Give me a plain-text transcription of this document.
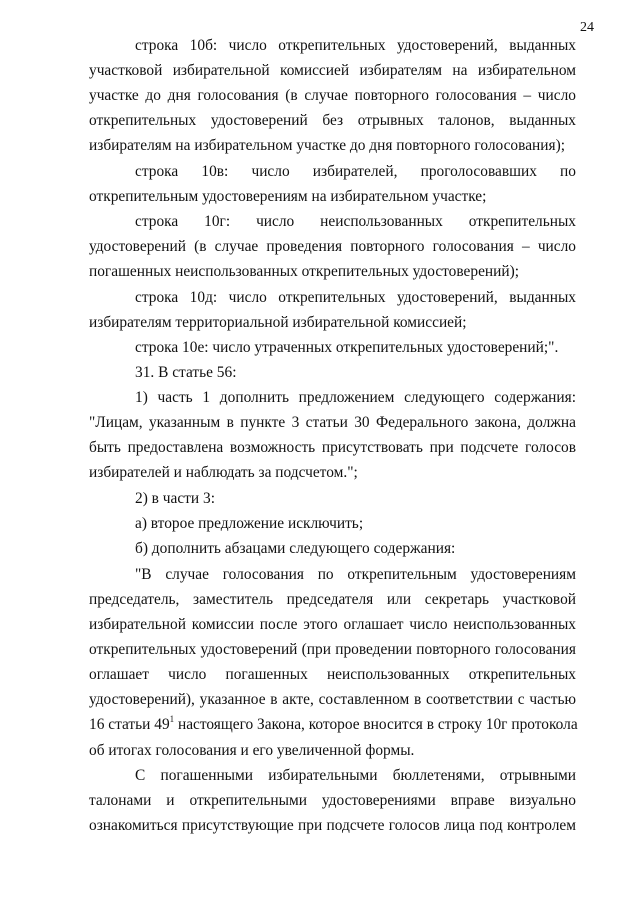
24
строка 10б: число открепительных удостоверений, выданных
участковой избирательной комиссией избирателям на избирательном
участке до дня голосования (в случае повторного голосования – число
открепительных удостоверений без отрывных талонов, выданных
избирателям на избирательном участке до дня повторного голосования);
строка 10в: число избирателей, проголосовавших по
открепительным удостоверениям на избирательном участке;
строка 10г: число неиспользованных открепительных
удостоверений (в случае проведения повторного голосования – число
погашенных неиспользованных открепительных удостоверений);
строка 10д: число открепительных удостоверений, выданных
избирателям территориальной избирательной комиссией;
строка 10е: число утраченных открепительных удостоверений;".
31. В статье 56:
1) часть 1 дополнить предложением следующего содержания:
"Лицам, указанным в пункте 3 статьи 30 Федерального закона, должна
быть предоставлена возможность присутствовать при подсчете голосов
избирателей и наблюдать за подсчетом.";
2) в части 3:
а) второе предложение исключить;
б) дополнить абзацами следующего содержания:
"В случае голосования по открепительным удостоверениям
председатель, заместитель председателя или секретарь участковой
избирательной комиссии после этого оглашает число неиспользованных
открепительных удостоверений (при проведении повторного голосования
оглашает число погашенных неиспользованных открепительных
удостоверений), указанное в акте, составленном в соответствии с частью
16 статьи $49^1$ настоящего Закона, которое вносится в строку 10г протокола
об итогах голосования и его увеличенной формы.
С погашенными избирательными бюллетенями, отрывными
талонами и открепительными удостоверениями вправе визуально
ознакомиться присутствующие при подсчете голосов лица под контролем
